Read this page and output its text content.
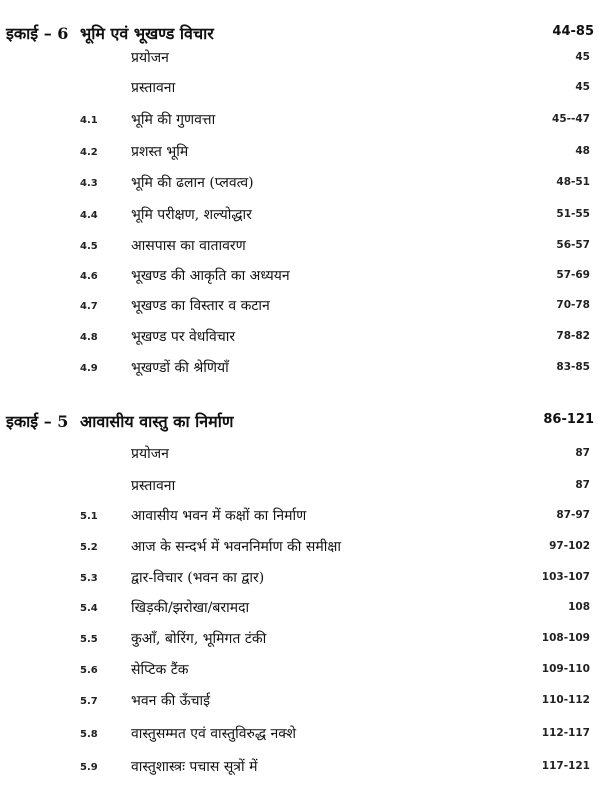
इकाई – 6 भूमि एवं भूखण्ड विचार	44-85
प्रयोजन	45
प्रस्तावना	45
4.1 भूमि की गुणवत्ता	45--47
4.2 प्रशस्त भूमि	48
4.3 भूमि की ढलान (प्लवत्व)	48-51
4.4 भूमि परीक्षण, शल्योद्धार	51-55
4.5 आसपास का वातावरण	56-57
4.6 भूखण्ड की आकृति का अध्ययन	57-69
4.7 भूखण्ड का विस्तार व कटान	70-78
4.8 भूखण्ड पर वेधविचार	78-82
4.9 भूखण्डों की श्रेणियाँ	83-85
इकाई – 5 आवासीय वास्तु का निर्माण	86-121
प्रयोजन	87
प्रस्तावना	87
5.1 आवासीय भवन में कक्षों का निर्माण	87-97
5.2 आज के सन्दर्भ में भवननिर्माण की समीक्षा	97-102
5.3 द्वार-विचार (भवन का द्वार)	103-107
5.4 खिड़की/झरोखा/बरामदा	108
5.5 कुआँ, बोरिंग, भूमिगत टंकी	108-109
5.6 सेप्टिक टैंक	109-110
5.7 भवन की ऊँचाई	110-112
5.8 वास्तुसम्मत एवं वास्तुविरुद्ध नक्शे	112-117
5.9 वास्तुशास्त्रः पचास सूत्रों में	117-121
